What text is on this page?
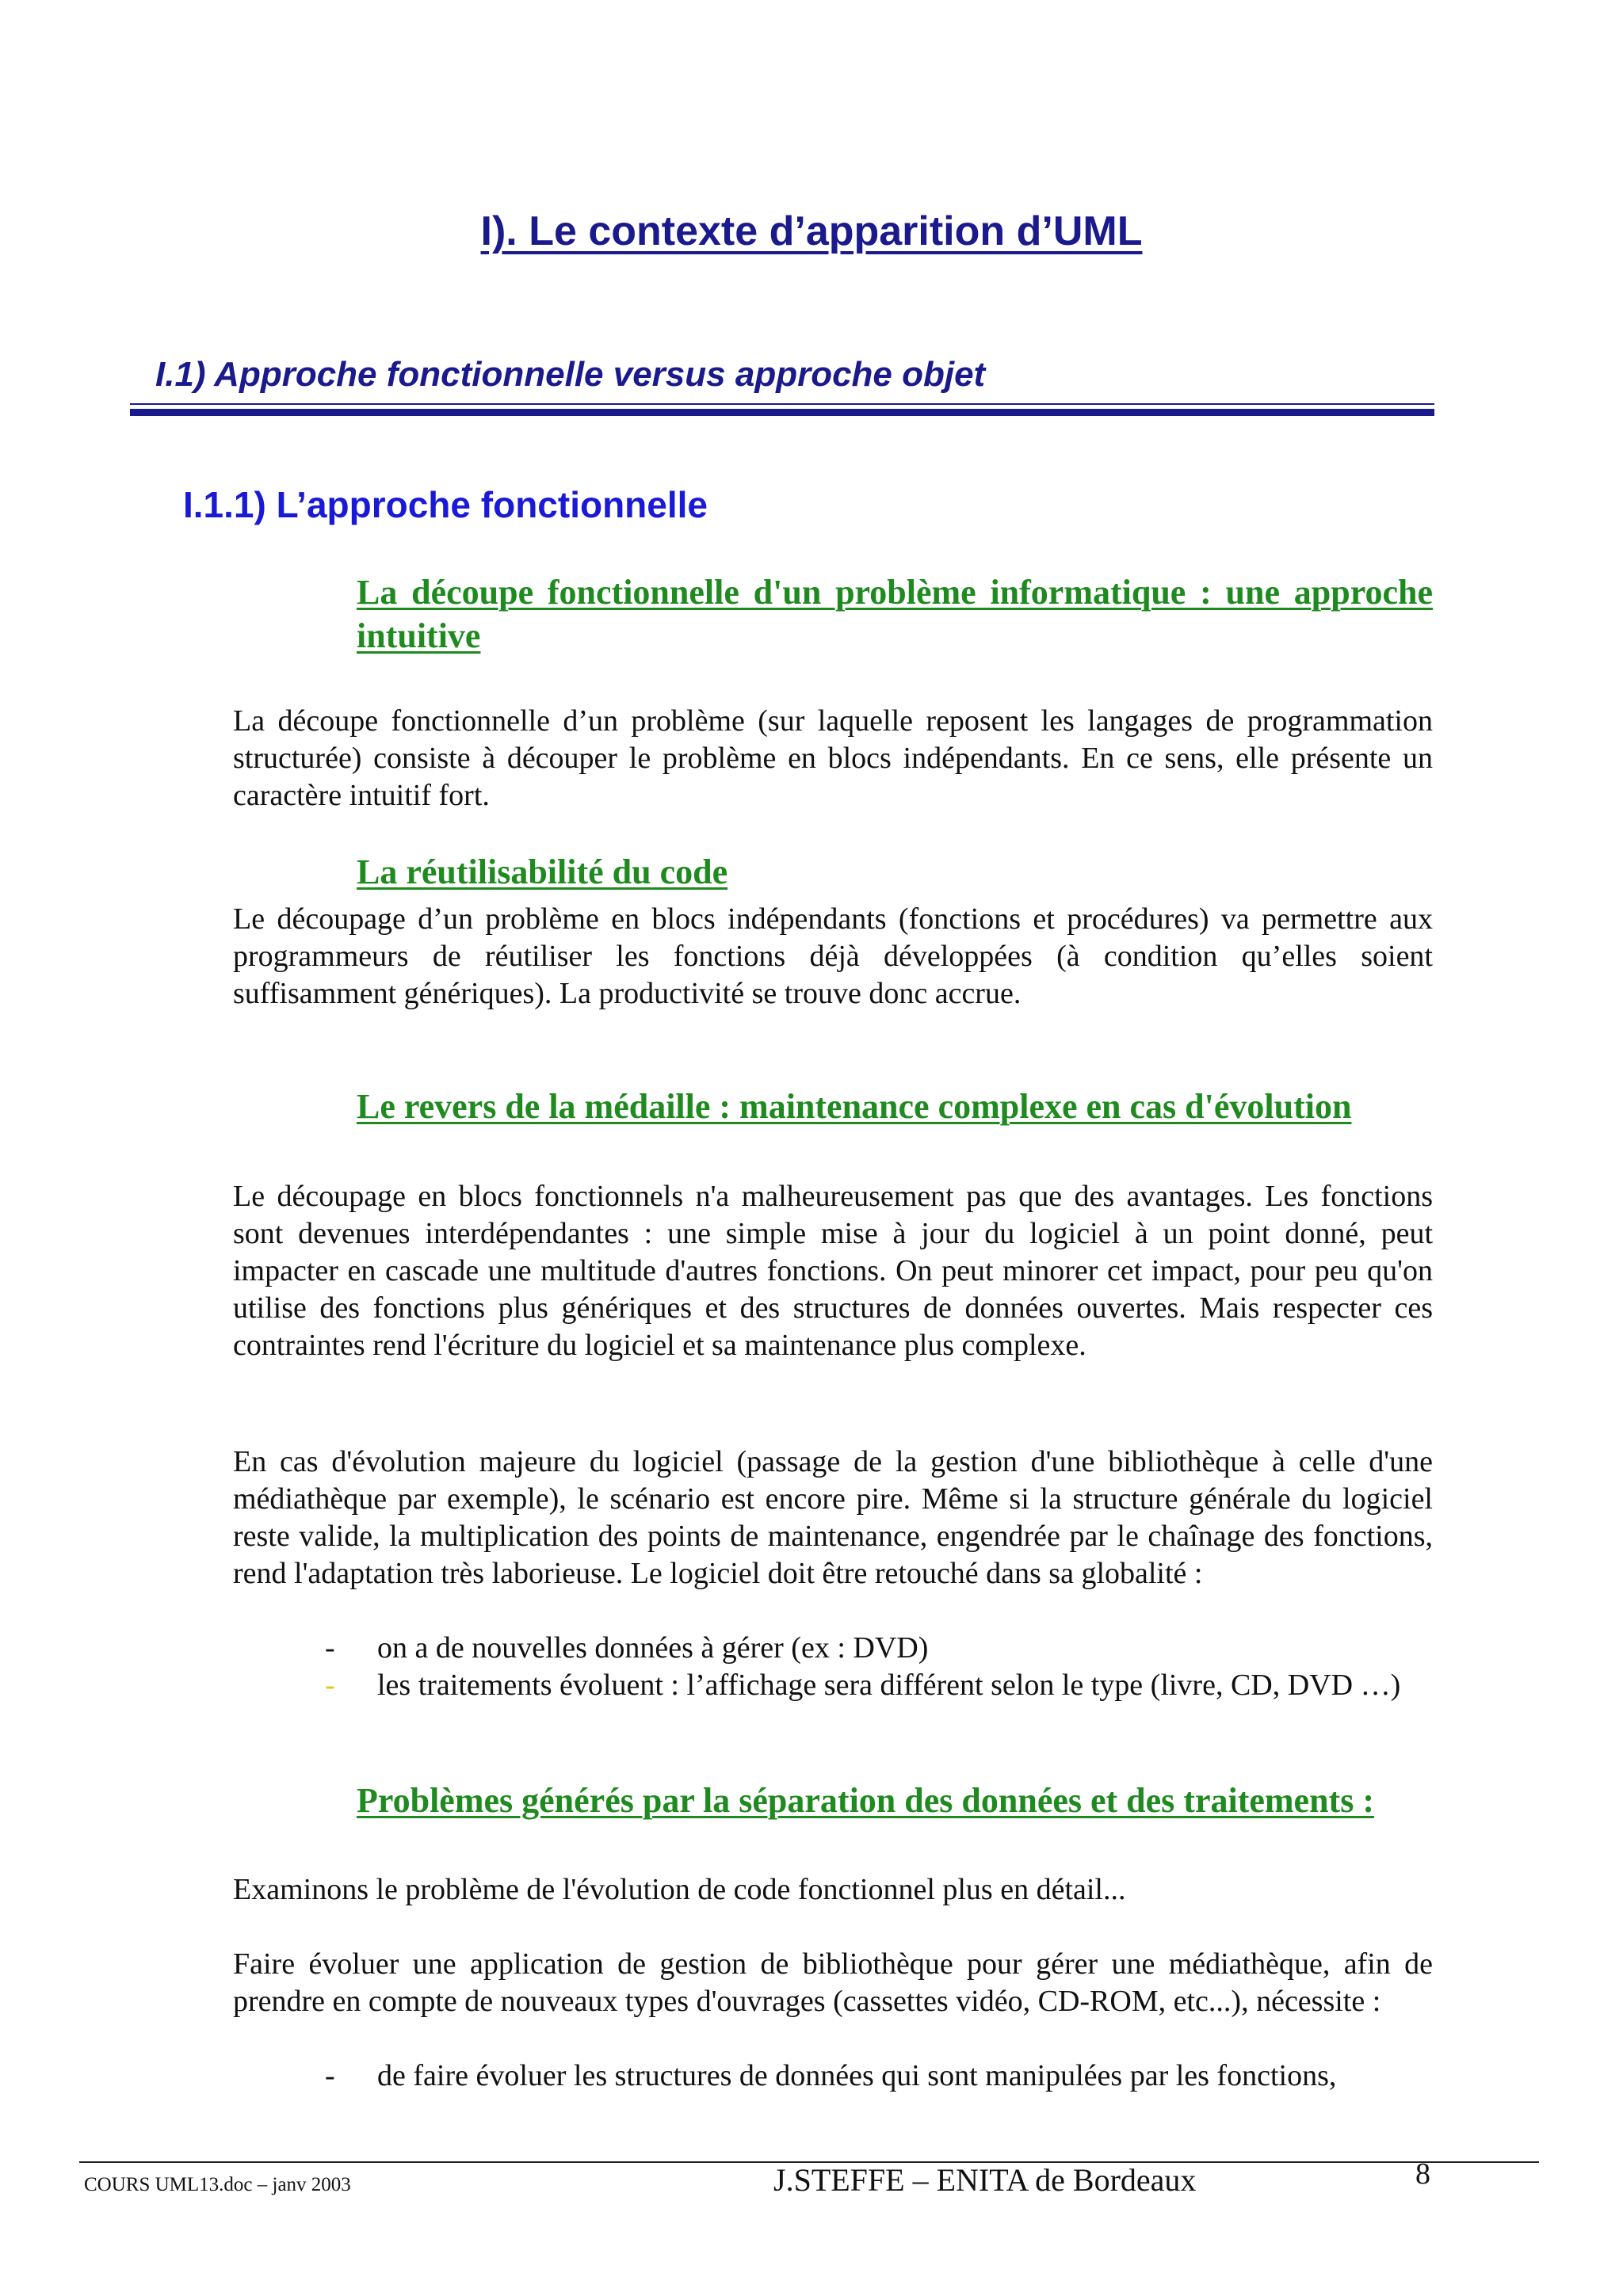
I). Le contexte d’apparition d’UML
I.1) Approche fonctionnelle versus approche objet
I.1.1) L’approche fonctionnelle

La découpe fonctionnelle d'un problème informatique : une approche intuitive

La découpe fonctionnelle d’un problème (sur laquelle reposent les langages de programmation structurée) consiste à découper le problème en blocs indépendants. En ce sens, elle présente un caractère intuitif fort.

La réutilisabilité du code

Le découpage d’un problème en blocs indépendants (fonctions et procédures) va permettre aux programmeurs de réutiliser les fonctions déjà développées (à condition qu’elles soient suffisamment génériques). La productivité se trouve donc accrue.

Le revers de la médaille : maintenance complexe en cas d'évolution

Le découpage en blocs fonctionnels n'a malheureusement pas que des avantages. Les fonctions sont devenues interdépendantes : une simple mise à jour du logiciel à un point donné, peut impacter en cascade une multitude d'autres fonctions. On peut minorer cet impact, pour peu qu'on utilise des fonctions plus génériques et des structures de données ouvertes. Mais respecter ces contraintes rend l'écriture du logiciel et sa maintenance plus complexe.

En cas d'évolution majeure du logiciel (passage de la gestion d'une bibliothèque à celle d'une médiathèque par exemple), le scénario est encore pire. Même si la structure générale du logiciel reste valide, la multiplication des points de maintenance, engendrée par le chaînage des fonctions, rend l'adaptation très laborieuse. Le logiciel doit être retouché dans sa globalité :

-	on a de nouvelles données à gérer (ex : DVD)
-	les traitements évoluent : l’affichage sera différent selon le type (livre, CD, DVD …)

Problèmes générés par la séparation des données et des traitements :

Examinons le problème de l'évolution de code fonctionnel plus en détail...

Faire évoluer une application de gestion de bibliothèque pour gérer une médiathèque, afin de prendre en compte de nouveaux types d'ouvrages (cassettes vidéo, CD-ROM, etc...), nécessite :

-	de faire évoluer les structures de données qui sont manipulées par les fonctions,
COURS UML13.doc – janv 2003	J.STEFFE – ENITA de Bordeaux	8
